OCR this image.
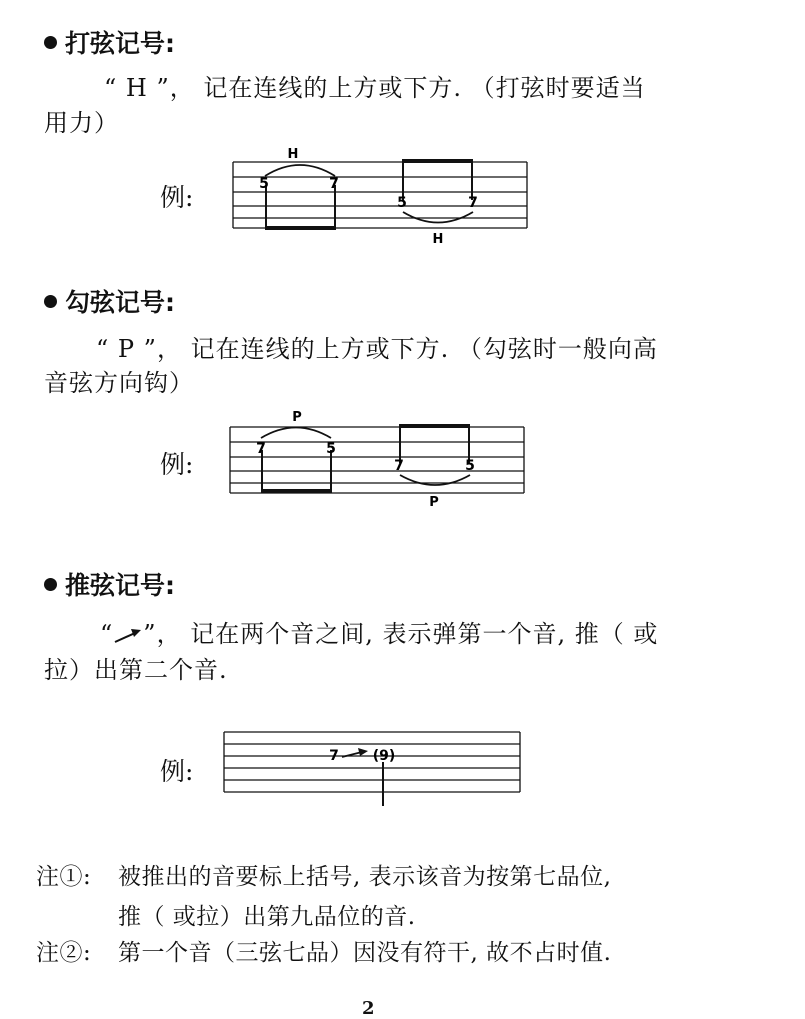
打弦记号:
“ H ”， 记在连线的上方或下方. （打弦时要适当
用力）
例:
H
5	7
5	7
H
勾弦记号:
“ P ”， 记在连线的上方或下方. （勾弦时一般向高
音弦方向钩）
例:
P
7	5
7	5
P
推弦记号:
“ ”， 记在两个音之间, 表示弹第一个音, 推（ 或
拉）出第二个音.
例:
7 (9)
注①: 被推出的音要标上括号, 表示该音为按第七品位,
推（ 或拉）出第九品位的音.
注②: 第一个音（三弦七品）因没有符干, 故不占时值.
2
